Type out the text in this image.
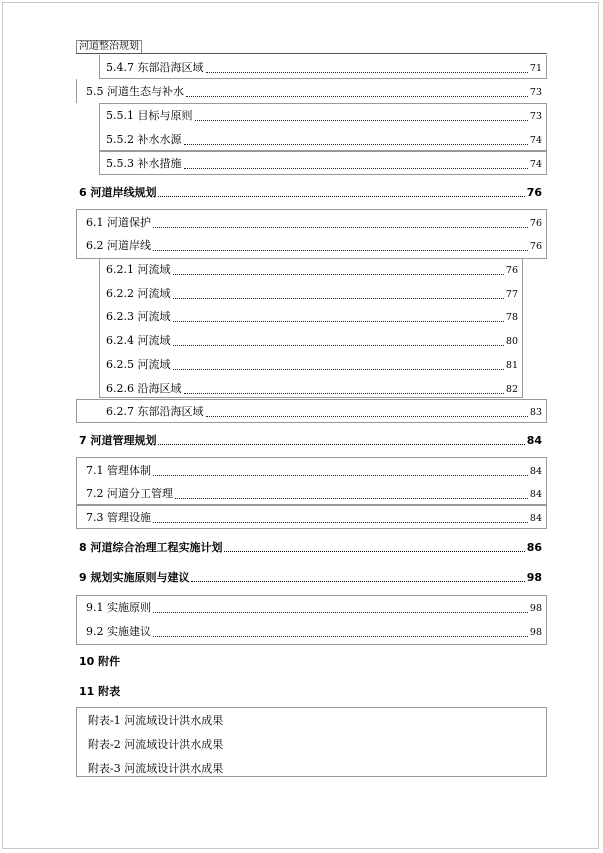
河道整治规划
5.4.7 东部沿海区域	71
5.5 河道生态与补水	73
5.5.1 目标与原则	73
5.5.2 补水水源	74
5.5.3 补水措施	74
6 河道岸线规划	76
6.1 河道保护	76
6.2 河道岸线	76
6.2.1 河流域	76
6.2.2 河流域	77
6.2.3 河流域	78
6.2.4 河流域	80
6.2.5 河流域	81
6.2.6 沿海区域	82
6.2.7 东部沿海区域	83
7 河道管理规划	84
7.1 管理体制	84
7.2 河道分工管理	84
7.3 管理设施	84
8 河道综合治理工程实施计划	86
9 规划实施原则与建议	98
9.1 实施原则	98
9.2 实施建议	98
10 附件
11 附表
附表-1 河流域设计洪水成果
附表-2 河流域设计洪水成果
附表-3 河流域设计洪水成果
